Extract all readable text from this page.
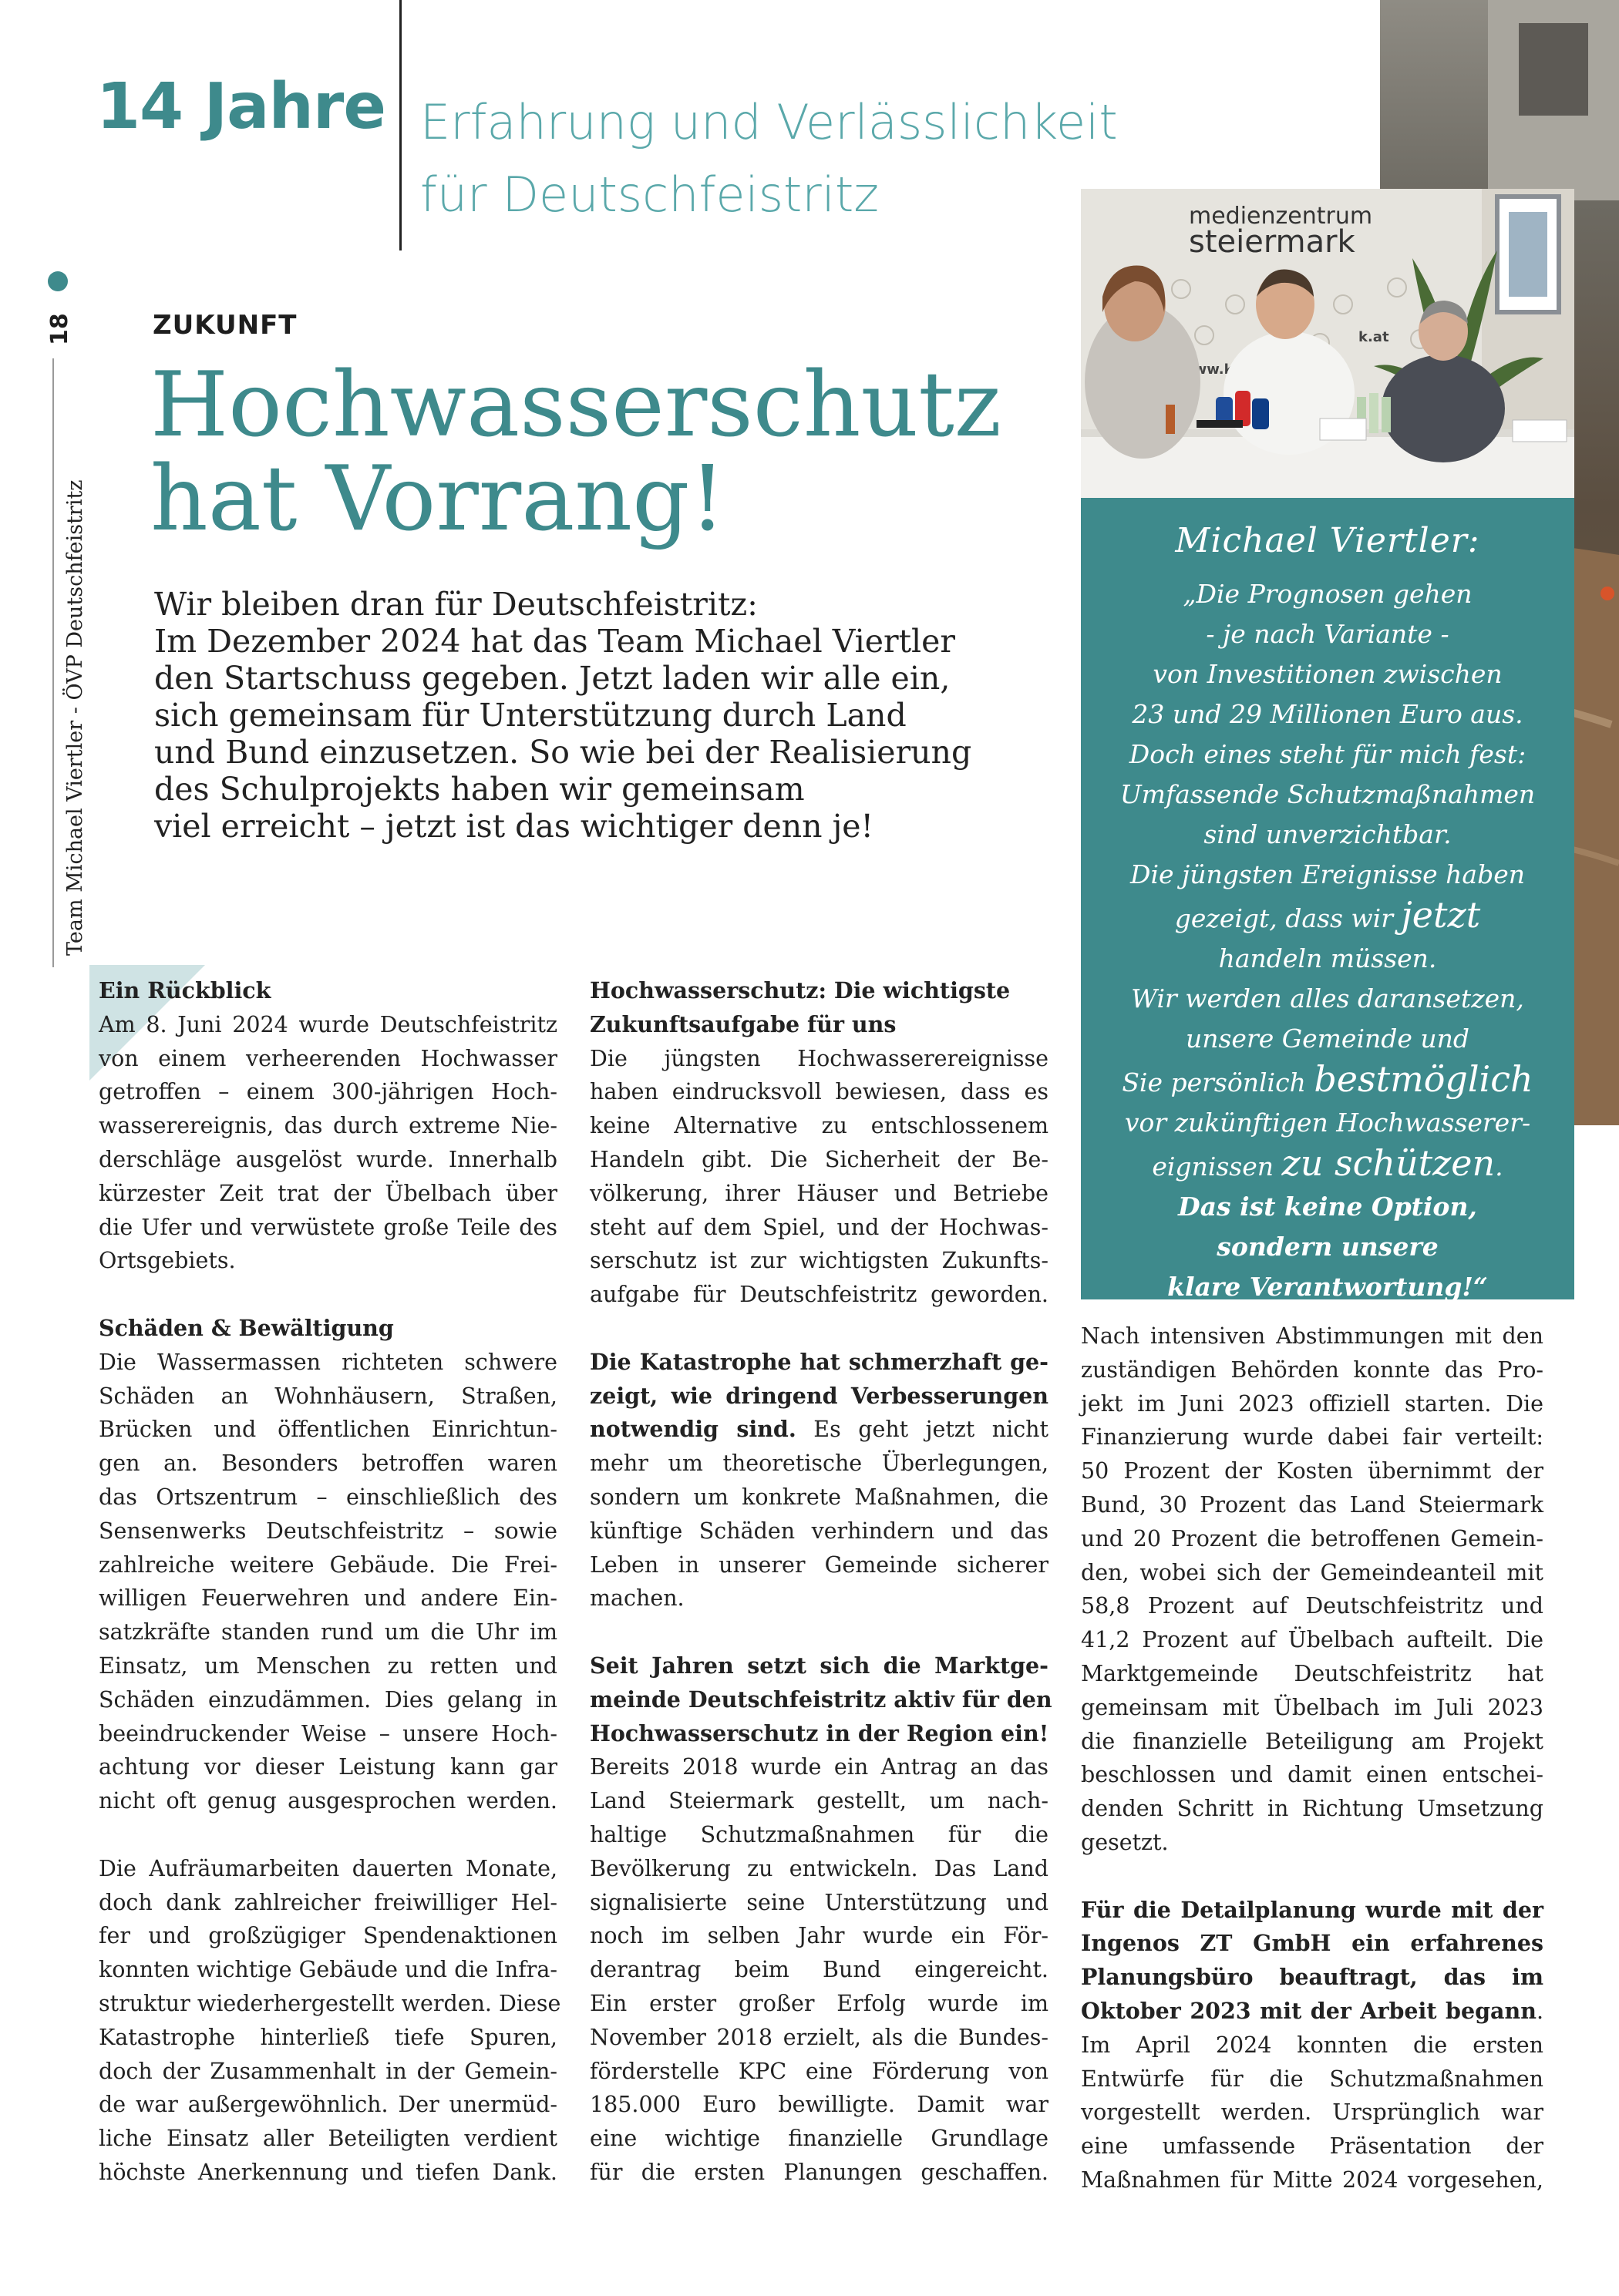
14 Jahre Erfahrung und Verlässlichkeit
für Deutschfeistritz	medienzentrum
steiermark
k.at
Michael Viertler:
„Die Prognosen gehen
- je nach Variante -
von Investitionen zwischen
23 und 29 Millionen Euro aus.
Doch eines steht für mich fest:
Umfassende Schutzmaßnahmen
sind unverzichtbar.
Die jüngsten Ereignisse haben
gezeigt, dass wir jetzt
handeln müssen.
Wir werden alles daransetzen,
unsere Gemeinde und
Sie persönlich bestmöglich
vor zukünftigen Hochwasserer-
eignissen zu schützen.
Das ist keine Option,
sondern unsere
klare Verantwortung!“
18
Team Michael Viertler - ÖVP Deutschfeistritz
ZUKUNFT
Hochwasserschutz
hat Vorrang!
Wir bleiben dran für Deutschfeistritz:
Im Dezember 2024 hat das Team Michael Viertler
den Startschuss gegeben. Jetzt laden wir alle ein,
sich gemeinsam für Unterstützung durch Land
und Bund einzusetzen. So wie bei der Realisierung
des Schulprojekts haben wir gemeinsam
viel erreicht – jetzt ist das wichtiger denn je!
Ein Rückblick
Am 8. Juni 2024 wurde Deutschfeistritz
von einem verheerenden Hochwasser
getroffen – einem 300-jährigen Hoch-
wasserereignis, das durch extreme Nie-
derschläge ausgelöst wurde. Innerhalb
kürzester Zeit trat der Übelbach über
die Ufer und verwüstete große Teile des
Ortsgebiets.
Schäden & Bewältigung
Die Wassermassen richteten schwere
Schäden an Wohnhäusern, Straßen,
Brücken und öffentlichen Einrichtun-
gen an. Besonders betroffen waren
das Ortszentrum – einschließlich des
Sensenwerks Deutschfeistritz – sowie
zahlreiche weitere Gebäude. Die Frei-
willigen Feuerwehren und andere Ein-
satzkräfte standen rund um die Uhr im
Einsatz, um Menschen zu retten und
Schäden einzudämmen. Dies gelang in
beeindruckender Weise – unsere Hoch-
achtung vor dieser Leistung kann gar
nicht oft genug ausgesprochen werden.
Die Aufräumarbeiten dauerten Monate,
doch dank zahlreicher freiwilliger Hel-
fer und großzügiger Spendenaktionen
konnten wichtige Gebäude und die Infra-
struktur wiederhergestellt werden. Diese
Katastrophe hinterließ tiefe Spuren,
doch der Zusammenhalt in der Gemein-
de war außergewöhnlich. Der unermüd-
liche Einsatz aller Beteiligten verdient
höchste Anerkennung und tiefen Dank.
Hochwasserschutz: Die wichtigste
Zukunftsaufgabe für uns
Die jüngsten Hochwasserereignisse
haben eindrucksvoll bewiesen, dass es
keine Alternative zu entschlossenem
Handeln gibt. Die Sicherheit der Be-
völkerung, ihrer Häuser und Betriebe
steht auf dem Spiel, und der Hochwas-
serschutz ist zur wichtigsten Zukunfts-
aufgabe für Deutschfeistritz geworden.
Die Katastrophe hat schmerzhaft ge-
zeigt, wie dringend Verbesserungen
notwendig sind. Es geht jetzt nicht
mehr um theoretische Überlegungen,
sondern um konkrete Maßnahmen, die
künftige Schäden verhindern und das
Leben in unserer Gemeinde sicherer
machen.
Seit Jahren setzt sich die Marktge-
meinde Deutschfeistritz aktiv für den
Hochwasserschutz in der Region ein!
Bereits 2018 wurde ein Antrag an das
Land Steiermark gestellt, um nach-
haltige Schutzmaßnahmen für die
Bevölkerung zu entwickeln. Das Land
signalisierte seine Unterstützung und
noch im selben Jahr wurde ein För-
derantrag beim Bund eingereicht.
Ein erster großer Erfolg wurde im
November 2018 erzielt, als die Bundes-
förderstelle KPC eine Förderung von
185.000 Euro bewilligte. Damit war
eine wichtige finanzielle Grundlage
für die ersten Planungen geschaffen.
Nach intensiven Abstimmungen mit den
zuständigen Behörden konnte das Pro-
jekt im Juni 2023 offiziell starten. Die
Finanzierung wurde dabei fair verteilt:
50 Prozent der Kosten übernimmt der
Bund, 30 Prozent das Land Steiermark
und 20 Prozent die betroffenen Gemein-
den, wobei sich der Gemeindeanteil mit
58,8 Prozent auf Deutschfeistritz und
41,2 Prozent auf Übelbach aufteilt. Die
Marktgemeinde Deutschfeistritz hat
gemeinsam mit Übelbach im Juli 2023
die finanzielle Beteiligung am Projekt
beschlossen und damit einen entschei-
denden Schritt in Richtung Umsetzung
gesetzt.
Für die Detailplanung wurde mit der
Ingenos ZT GmbH ein erfahrenes
Planungsbüro beauftragt, das im
Oktober 2023 mit der Arbeit begann.
Im April 2024 konnten die ersten
Entwürfe für die Schutzmaßnahmen
vorgestellt werden. Ursprünglich war
eine umfassende Präsentation der
Maßnahmen für Mitte 2024 vorgesehen,
